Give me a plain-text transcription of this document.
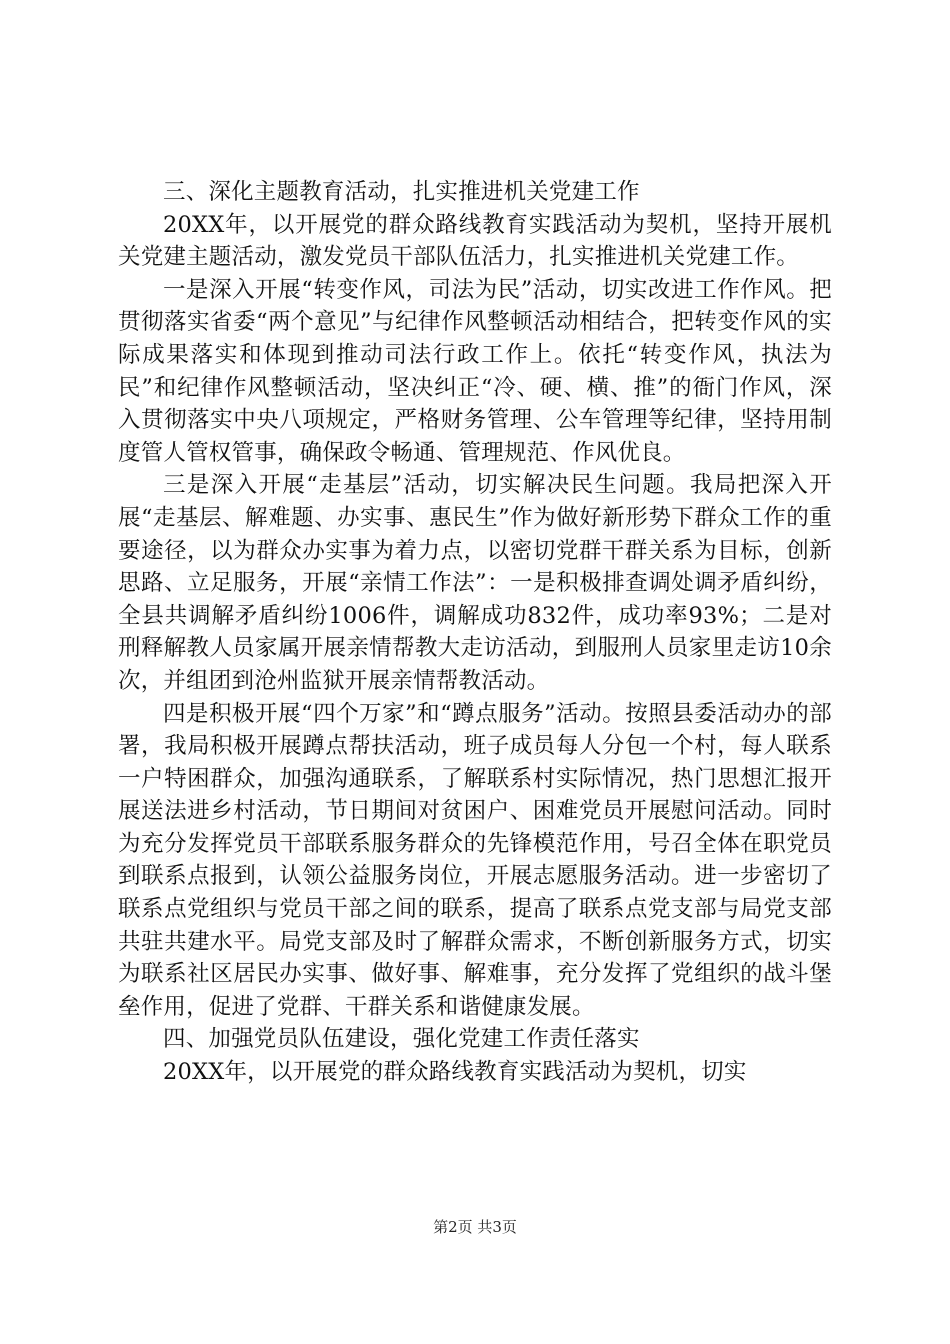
三、深化主题教育活动，扎实推进机关党建工作

20XX年，以开展党的群众路线教育实践活动为契机，坚持开展机关党建主题活动，激发党员干部队伍活力，扎实推进机关党建工作。

一是深入开展“转变作风，司法为民”活动，切实改进工作作风。把贯彻落实省委“两个意见”与纪律作风整顿活动相结合，把转变作风的实际成果落实和体现到推动司法行政工作上。依托“转变作风，执法为民”和纪律作风整顿活动，坚决纠正“冷、硬、横、推”的衙门作风，深入贯彻落实中央八项规定，严格财务管理、公车管理等纪律，坚持用制度管人管权管事，确保政令畅通、管理规范、作风优良。

三是深入开展“走基层”活动，切实解决民生问题。我局把深入开展“走基层、解难题、办实事、惠民生”作为做好新形势下群众工作的重要途径，以为群众办实事为着力点，以密切党群干群关系为目标，创新思路、立足服务，开展“亲情工作法”：一是积极排查调处调矛盾纠纷，全县共调解矛盾纠纷1006件，调解成功832件，成功率93%；二是对刑释解教人员家属开展亲情帮教大走访活动，到服刑人员家里走访10余次，并组团到沧州监狱开展亲情帮教活动。

四是积极开展“四个万家”和“蹲点服务”活动。按照县委活动办的部署，我局积极开展蹲点帮扶活动，班子成员每人分包一个村，每人联系一户特困群众，加强沟通联系，了解联系村实际情况，热门思想汇报开展送法进乡村活动，节日期间对贫困户、困难党员开展慰问活动。同时为充分发挥党员干部联系服务群众的先锋模范作用，号召全体在职党员到联系点报到，认领公益服务岗位，开展志愿服务活动。进一步密切了联系点党组织与党员干部之间的联系，提高了联系点党支部与局党支部共驻共建水平。局党支部及时了解群众需求，不断创新服务方式，切实为联系社区居民办实事、做好事、解难事，充分发挥了党组织的战斗堡垒作用，促进了党群、干群关系和谐健康发展。

四、加强党员队伍建设，强化党建工作责任落实

20XX年，以开展党的群众路线教育实践活动为契机，切实

第2页 共3页
